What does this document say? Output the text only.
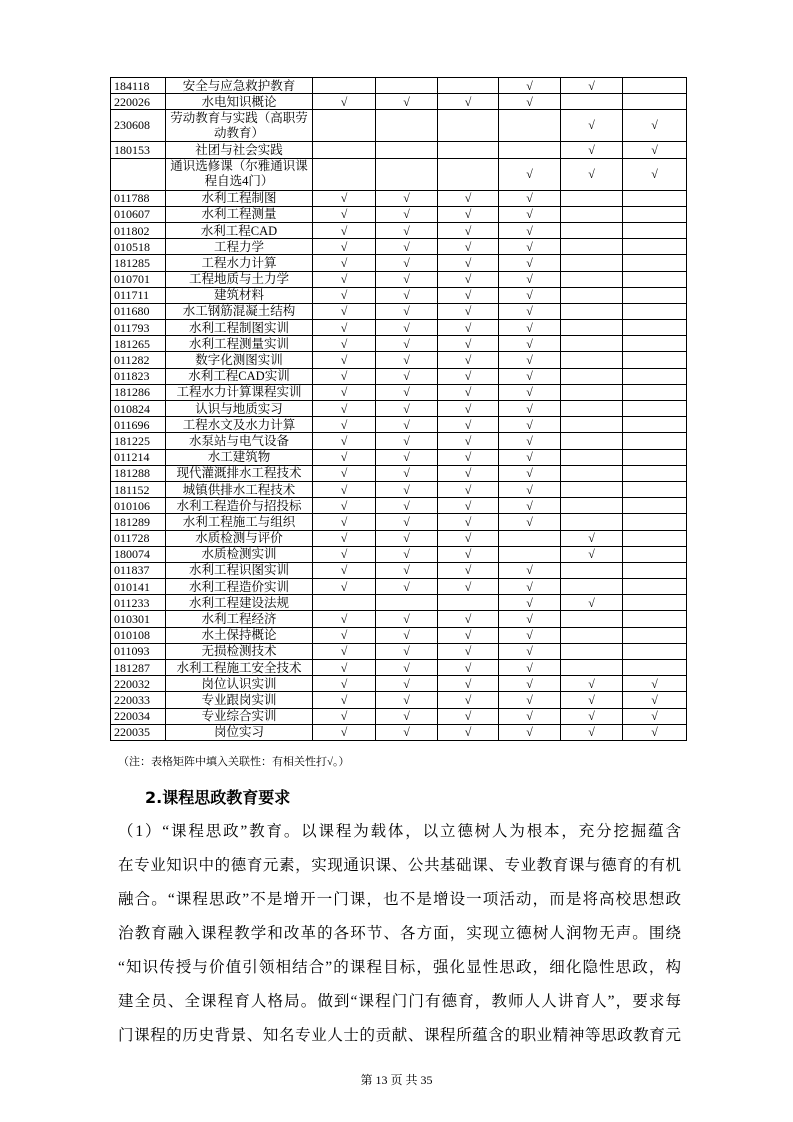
184118	安全与应急救护教育				√	√	
220026	水电知识概论	√	√	√	√		
230608	劳动教育与实践（高职劳动教育）					√	√
180153	社团与社会实践					√	√
	通识选修课（尔雅通识课程自选4门）				√	√	√
011788	水利工程制图	√	√	√	√		
010607	水利工程测量	√	√	√	√		
011802	水利工程CAD	√	√	√	√		
010518	工程力学	√	√	√	√		
181285	工程水力计算	√	√	√	√		
010701	工程地质与土力学	√	√	√	√		
011711	建筑材料	√	√	√	√		
011680	水工钢筋混凝土结构	√	√	√	√		
011793	水利工程制图实训	√	√	√	√		
181265	水利工程测量实训	√	√	√	√		
011282	数字化测图实训	√	√	√	√		
011823	水利工程CAD实训	√	√	√	√		
181286	工程水力计算课程实训	√	√	√	√		
010824	认识与地质实习	√	√	√	√		
011696	工程水文及水力计算	√	√	√	√		
181225	水泵站与电气设备	√	√	√	√		
011214	水工建筑物	√	√	√	√		
181288	现代灌溉排水工程技术	√	√	√	√		
181152	城镇供排水工程技术	√	√	√	√		
010106	水利工程造价与招投标	√	√	√	√		
181289	水利工程施工与组织	√	√	√	√		
011728	水质检测与评价	√	√	√		√	
180074	水质检测实训	√	√	√		√	
011837	水利工程识图实训	√	√	√	√		
010141	水利工程造价实训	√	√	√	√		
011233	水利工程建设法规				√	√	
010301	水利工程经济	√	√	√	√		
010108	水土保持概论	√	√	√	√		
011093	无损检测技术	√	√	√	√		
181287	水利工程施工安全技术	√	√	√	√		
220032	岗位认识实训	√	√	√	√	√	√
220033	专业跟岗实训	√	√	√	√	√	√
220034	专业综合实训	√	√	√	√	√	√
220035	岗位实习	√	√	√	√	√	√
（注：表格矩阵中填入关联性：有相关性打√。）
2.课程思政教育要求
（1）“课程思政”教育。以课程为载体，以立德树人为根本，充分挖掘蕴含
在专业知识中的德育元素，实现通识课、公共基础课、专业教育课与德育的有机
融合。“课程思政”不是增开一门课，也不是增设一项活动，而是将高校思想政
治教育融入课程教学和改革的各环节、各方面，实现立德树人润物无声。围绕
“知识传授与价值引领相结合”的课程目标，强化显性思政，细化隐性思政，构
建全员、全课程育人格局。做到“课程门门有德育，教师人人讲育人”，要求每
门课程的历史背景、知名专业人士的贡献、课程所蕴含的职业精神等思政教育元
第 13 页 共 35
